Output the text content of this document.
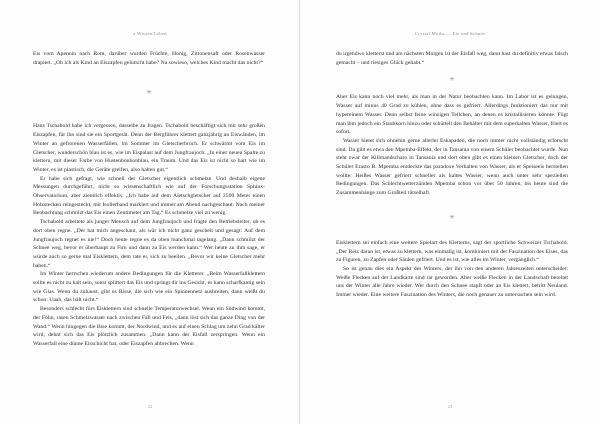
x Wissen/Leben

Eis vom Apennin nach Rom, darüber wurden Früchte, Honig, Zitronensaft oder Rosenwasser drapiert. „Ob ich als Kind an Eiszapfen gelutscht habe? Na sowieso, welches Kind macht das nicht?“

✳

Hans Tschabold habe ich vergessen, dasselbe zu fragen. Tschabold beschäftigt sich mit sehr großen Eiszapfen, für ihn sind sie ein Sportgerät. Denn der Bergführer klettert ganzjährig an Eiswänden, im Winter an gefrorenen Wasserfällen, im Sommer im Gletscherbruch. Er schwärmt vom Eis im Gletscher, wunderschön blau ist es, wie im Eispalast auf dem Jungfraujoch. „In einer neuen Spalte zu klettern, mit dieser Farbe von Hustenbonbonblau, ein Traum. Und das Eis ist nicht so hart wie im Winter, es ist plastisch, die Geräte greifen, also halten gut.“

Er habe sich gefragt, wie schnell der Gletscher eigentlich schmelze. Und deshalb eigene Messungen durchgeführt, nicht so wissenschaftlich wie auf der Forschungsstation Sphinx-Observatorium, aber ziemlich effektiv. „Ich habe auf dem Aletschgletscher auf 2500 Meter einen Holzstecken reingesteckt, mit Isolierband markiert und immer am Abend nachgeschaut. Nach meiner Beobachtung schmilzt das Eis einen Zentimeter am Tag.“ Es schmelze viel zu wenig.

Tschabold arbeitete als junger Mensch auf dem Jungfraujoch und fragte den Betriebsleiter, ob es dort oben regne. „Der hat mich angeschaut, als wär ich nicht ganz gescheit und gesagt: Auf dem Jungfraujoch regnet es nie!“ Doch heute regne es da oben manchmal tagelang. „Dann schmilzt der Schnee weg, bevor er überhaupt zu Firn und dann zu Eis werden kann.“ Wer heute zu ihm sage, er würde auch so gerne mal Eisklettern, dem rate er, sich zu beeilen. „Bevor wir keine Gletscher mehr haben.“

Im Winter herrschen wiederum andere Bedingungen für die Kletterer. „Beim Wasserfallklettern sollte es nicht zu kalt sein, sonst splittert das Eis und springt dir ins Gesicht, es kann scharfkantig sein wie Glas. Wenn du zuhaust, gibt es Risse, die sich wie ein Spinnennetz ausbreiten, dann weißt du schon: Uaah, das hält nicht.“

Besonders schlecht fürs Eisklettern sind schnelle Temperaturwechsel. Wenn ein Südwind kommt, der Föhn, rasen Schmelzwasser nach zwischen Fall und Fels, „dann löst sich das ganze Ding von der Wand.“ Wenn hingegen die Bise kommt, der Nordwind, und es auf einen Schlag um zehn Grad kälter wird, dehnt sich das Eis plötzlich zusammen. „Dann kann der Eisfall zerspringen. Wenn ein Wasserfall eine dünne Eisschicht hat, oder Eiszapfen abbrechen. Wenn

22
Crystal Myths — Eis und Schnee

du irgendwo kletterst und am nächsten Morgen ist der Eisfall weg, dann hast du definitiv etwas falsch gemacht – und riesiges Glück gehabt.“

✳

Aber Eis kann noch viel mehr, als man in der Natur beobachten kann. Im Labor ist es gelungen, Wasser auf minus 40 Grad zu kühlen, ohne dass es gefriert. Allerdings funktioniert das nur mit hypereinem Wasser. Denn selbst feine winzigen Teilchen, an denen es kristallisieren könnte. Fügt man ihm jedoch ein Staubkorn hinzu oder schüttelt den Behälter mit dem superkalten Wasser, friert es sofort.

Wasser bietet sich ohnehin gerne allerlei Eskapaden, die noch immer nicht vollständig erforscht sind. Da gibt es etwa den Mpemba-Effekt, der in Tansania von einem Schüler beobachtet wurde. Nun steht zwar der Kilimandscharo in Tansania und dort oben gibt es einen kleinen Gletscher, doch der Schüler Erasto B. Mpemba entdeckte das paradoxe Verhalten von Wasser, als er Speiseeis herstellen wollte: Heißes Wasser gefriert schneller als kaltes Wasser, wenn auch unter sehr speziellen Bedingungen. Das Schlechtwetterzünden Mpemba schon vor über 50 Jahren, bis heute sind die Zusammenhänge zum Großteil rätselhaft.

✳

Eisklettern sei einfach eine weitere Spielart des Kletterns, sagt der sportliche Schweizer Tschabold. „Der Reiz daran ist, etwas zu klettern, was einmalig ist, kombiniert mit der Faszination des Eises, das zu Figuren, zu Zapfen oder Säulen gefriert. Und es ist, wie alles im Winter, vergänglich.“

So ist genau dies ein Aspekt des Winters, der ihn von den anderen Jahreszeiten unterscheidet: Weiße Flecken auf der Landkarte sind rar geworden. Aber weiße Flecken in der Landschaft bereitet uns der Winter alle Jahre wieder. Wer durch den Schnee stapft oder an Eis klettert, betritt Neuland. Immer wieder. Eine weitere Faszination des Winters, die noch genauer zu untersuchen sein wird.

23
